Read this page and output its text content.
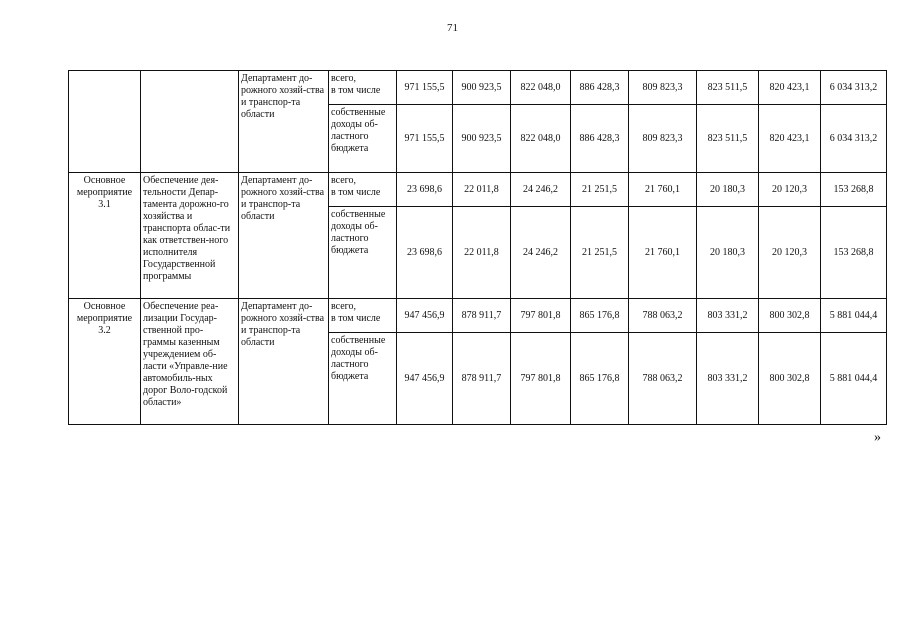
71
		Департамент до-рожного хозяй-ства и транспор-та области	всего,
в том числе	971 155,5	900 923,5	822 048,0	886 428,3	809 823,3	823 511,5	820 423,1	6 034 313,2
			собственные доходы об-ластного бюджета	971 155,5	900 923,5	822 048,0	886 428,3	809 823,3	823 511,5	820 423,1	6 034 313,2
Основное мероприятие 3.1	Обеспечение дея-тельности Депар-тамента дорожно-го хозяйства и транспорта облас-ти как ответствен-ного исполнителя Государственной программы	Департамент до-рожного хозяй-ства и транспор-та области	всего,
в том числе	23 698,6	22 011,8	24 246,2	21 251,5	21 760,1	20 180,3	20 120,3	153 268,8
			собственные доходы об-ластного бюджета	23 698,6	22 011,8	24 246,2	21 251,5	21 760,1	20 180,3	20 120,3	153 268,8
Основное мероприятие 3.2	Обеспечение реа-лизации Государ-ственной про-граммы казенным учреждением об-ласти «Управле-ние автомобиль-ных дорог Воло-годской области»	Департамент до-рожного хозяй-ства и транспор-та области	всего,
в том числе	947 456,9	878 911,7	797 801,8	865 176,8	788 063,2	803 331,2	800 302,8	5 881 044,4
			собственные доходы об-ластного бюджета	947 456,9	878 911,7	797 801,8	865 176,8	788 063,2	803 331,2	800 302,8	5 881 044,4
»
